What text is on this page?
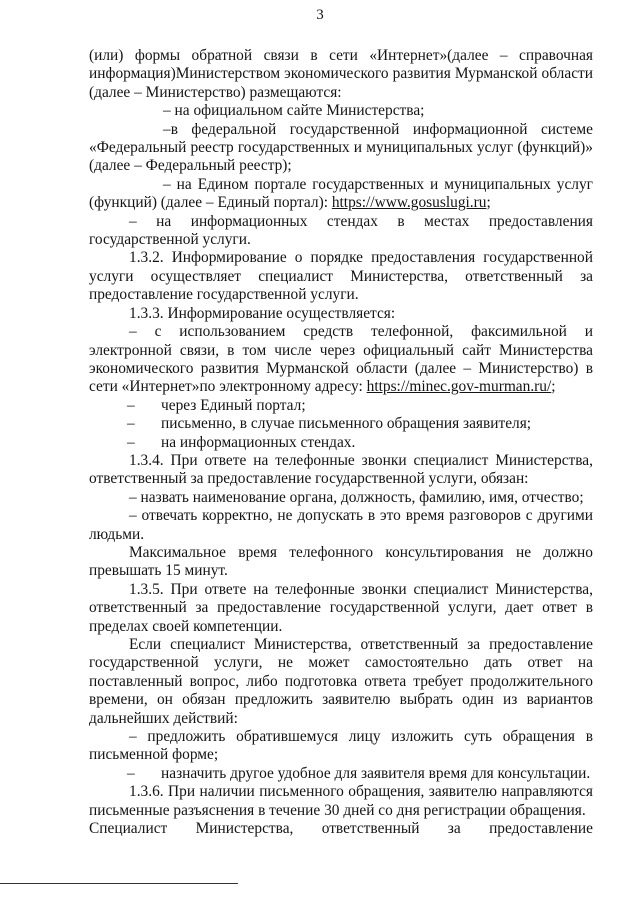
3

(или) формы обратной связи в сети «Интернет»(далее – справочная информация)Министерством экономического развития Мурманской области (далее – Министерство) размещаются:

– на официальном сайте Министерства;

–в федеральной государственной информационной системе «Федеральный реестр государственных и муниципальных услуг (функций)» (далее – Федеральный реестр);

– на Едином портале государственных и муниципальных услуг (функций) (далее – Единый портал): https://www.gosuslugi.ru;

– на информационных стендах в местах предоставления государственной услуги.

1.3.2. Информирование о порядке предоставления государственной услуги осуществляет специалист Министерства, ответственный за предоставление государственной услуги.

1.3.3. Информирование осуществляется:

– с использованием средств телефонной, факсимильной и электронной связи, в том числе через официальный сайт Министерства экономического развития Мурманской области (далее – Министерство) в сети «Интернет»по электронному адресу: https://minec.gov-murman.ru/;

–	через Единый портал;
–	письменно, в случае письменного обращения заявителя;
–	на информационных стендах.

1.3.4. При ответе на телефонные звонки специалист Министерства, ответственный за предоставление государственной услуги, обязан:

– назвать наименование органа, должность, фамилию, имя, отчество;

– отвечать корректно, не допускать в это время разговоров с другими людьми.

Максимальное время телефонного консультирования не должно превышать 15 минут.

1.3.5. При ответе на телефонные звонки специалист Министерства, ответственный за предоставление государственной услуги, дает ответ в пределах своей компетенции.

Если специалист Министерства, ответственный за предоставление государственной услуги, не может самостоятельно дать ответ на поставленный вопрос, либо подготовка ответа требует продолжительного времени, он обязан предложить заявителю выбрать один из вариантов дальнейших действий:

– предложить обратившемуся лицу изложить суть обращения в письменной форме;

–	назначить другое удобное для заявителя время для консультации.

1.3.6. При наличии письменного обращения, заявителю направляются письменные разъяснения в течение 30 дней со дня регистрации обращения.

Специалист Министерства, ответственный за предоставление
